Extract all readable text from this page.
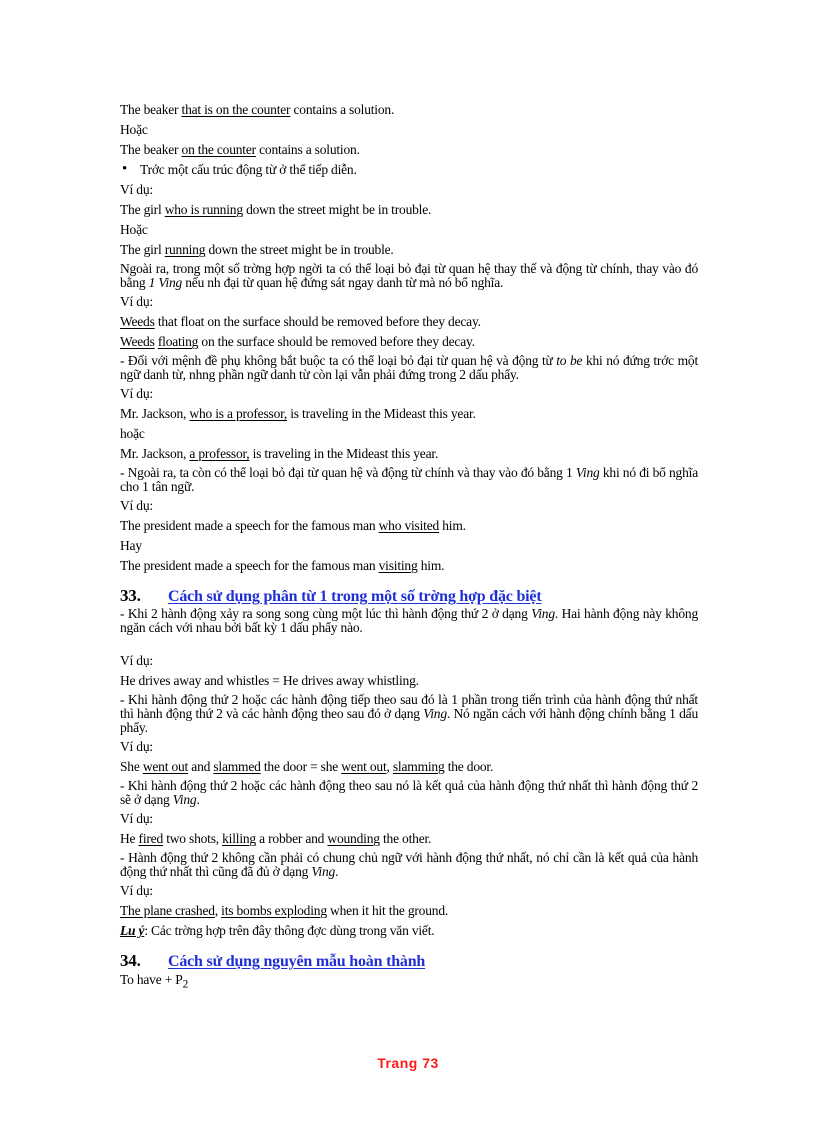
The beaker that is on the counter contains a solution.
Hoặc
The beaker on the counter contains a solution.
• Trớc một cấu trúc động từ ở thể tiếp diễn.
Ví dụ:
The girl who is running down the street might be in trouble.
Hoặc
The girl running down the street might be in trouble.
Ngoài ra, trong một số trờng hợp ngời ta có thể loại bỏ đại từ quan hệ thay thế và động từ chính, thay vào đó bằng 1 Ving nếu nh đại từ quan hệ đứng sát ngay danh từ mà nó bổ nghĩa.
Ví dụ:
Weeds that float on the surface should be removed before they decay.
Weeds floating on the surface should be removed before they decay.
- Đối với mệnh đề phụ không bắt buộc ta có thể loại bỏ đại từ quan hệ và động từ to be khi nó đứng trớc một ngữ danh từ, nhng phần ngữ danh từ còn lại vẫn phải đứng trong 2 dấu phẩy.
Ví dụ:
Mr. Jackson, who is a professor, is traveling in the Mideast this year.
hoặc
Mr. Jackson, a professor, is traveling in the Mideast this year.
- Ngoài ra, ta còn có thể loại bỏ đại từ quan hệ và động từ chính và thay vào đó bằng 1 Ving khi nó đi bổ nghĩa cho 1 tân ngữ.
Ví dụ:
The president made a speech for the famous man who visited him.
Hay
The president made a speech for the famous man visiting him.
33.	Cách sử dụng phân từ 1 trong một số trờng hợp đặc biệt
- Khi 2 hành động xảy ra song song cùng một lúc thì hành động thứ 2 ở dạng Ving. Hai hành động này không ngăn cách với nhau bởi bất kỳ 1 dấu phẩy nào.
Ví dụ:
He drives away and whistles = He drives away whistling.
- Khi hành động thứ 2 hoặc các hành động tiếp theo sau đó là 1 phần trong tiến trình của hành động thứ nhất thì hành động thứ 2 và các hành động theo sau đó ở dạng Ving. Nó ngăn cách với hành động chính bằng 1 dấu phẩy.
Ví dụ:
She went out and slammed the door = she went out, slamming the door.
- Khi hành động thứ 2 hoặc các hành động theo sau nó là kết quả của hành động thứ nhất thì hành động thứ 2 sẽ ở dạng Ving.
Ví dụ:
He fired two shots, killing a robber and wounding the other.
- Hành động thứ 2 không cần phải có chung chủ ngữ với hành động thứ nhất, nó chỉ cần là kết quả của hành động thứ nhất thì cũng đã đủ ở dạng Ving.
Ví dụ:
The plane crashed, its bombs exploding when it hit the ground.
Lu ý: Các trờng hợp trên đây thông đợc dùng trong văn viết.
34.	Cách sử dụng nguyên mẫu hoàn thành
To have + $P_2$
Trang 73
